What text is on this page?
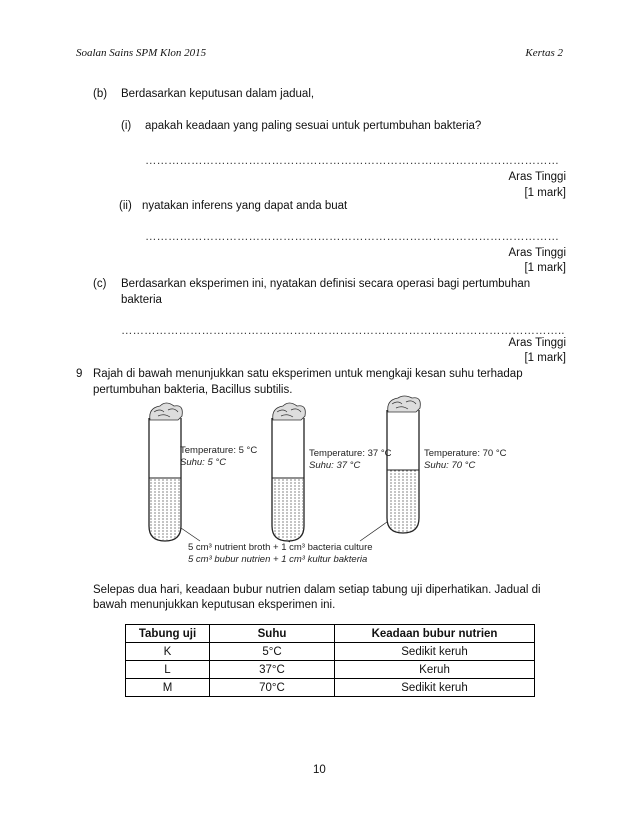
Soalan Sains SPM Klon 2015	Kertas 2
(b) Berdasarkan keputusan dalam jadual,
(i) apakah keadaan yang paling sesuai untuk pertumbuhan bakteria?
………………………………………………………………………………………………
Aras Tinggi
[1 mark]
(ii) nyatakan inferens yang dapat anda buat
………………………………………………………………………………………………
Aras Tinggi
[1 mark]
(c) Berdasarkan eksperimen ini, nyatakan definisi secara operasi bagi pertumbuhan
bakteria
……………………………………………………………………………………………………..
Aras Tinggi
[1 mark]
9 Rajah di bawah menunjukkan satu eksperimen untuk mengkaji kesan suhu terhadap
pertumbuhan bakteria, Bacillus subtilis.
Temperature: 5 °C
Suhu: 5 °C
Temperature: 37 °C
Suhu: 37 °C
Temperature: 70 °C
Suhu: 70 °C
5 cm³ nutrient broth + 1 cm³ bacteria culture
5 cm³ bubur nutrien + 1 cm³ kultur bakteria
Selepas dua hari, keadaan bubur nutrien dalam setiap tabung uji diperhatikan. Jadual di
bawah menunjukkan keputusan eksperimen ini.
Tabung uji	Suhu	Keadaan bubur nutrien
K	5°C	Sedikit keruh
L	37°C	Keruh
M	70°C	Sedikit keruh
10
